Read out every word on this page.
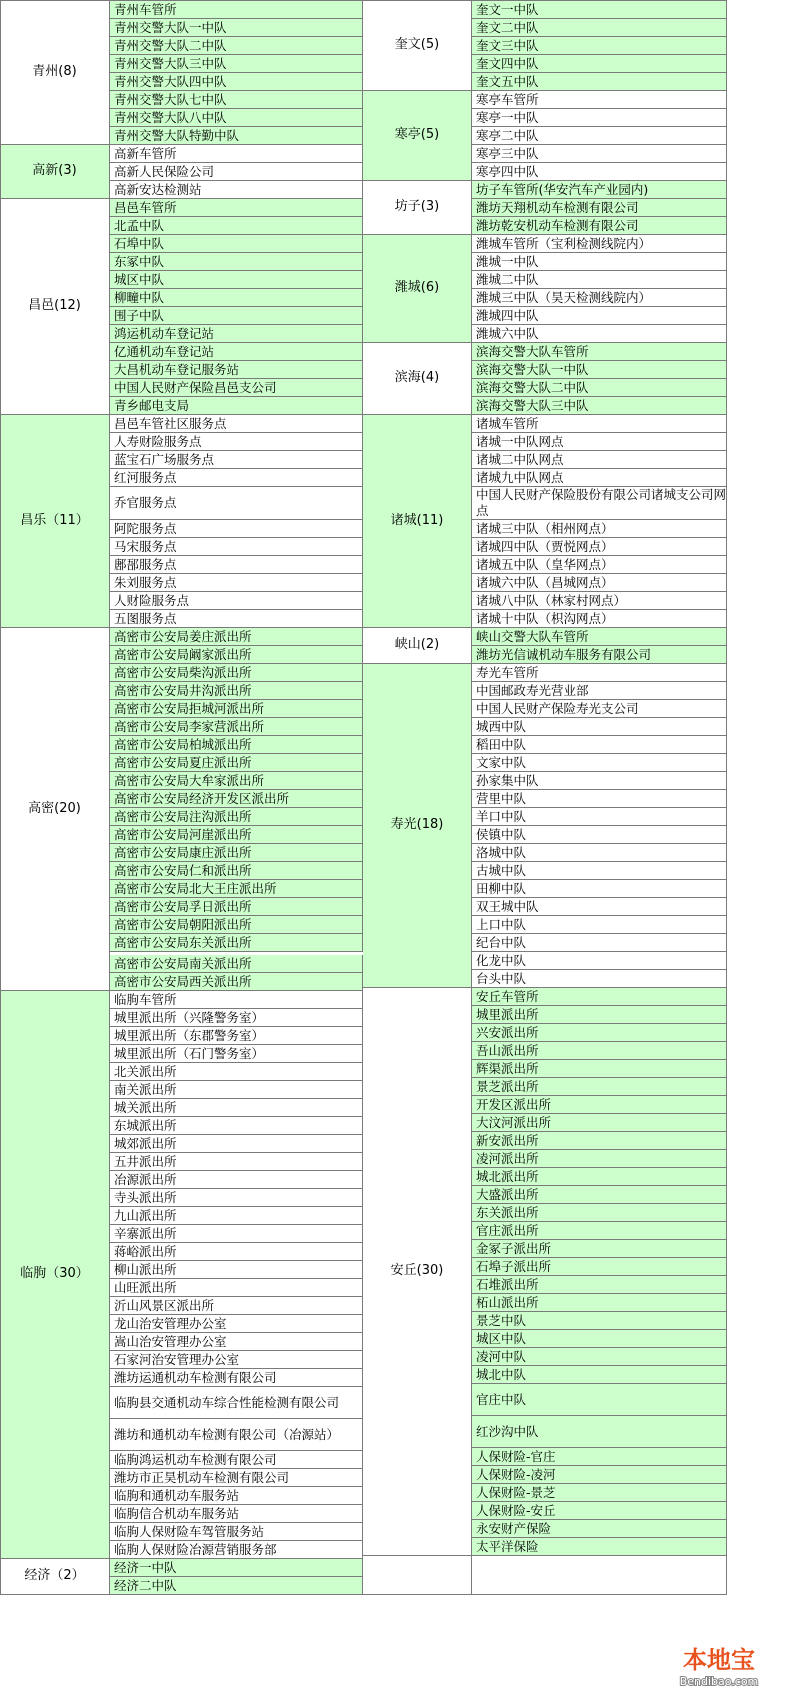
青州车管所
青州交警大队一中队
青州交警大队二中队
青州交警大队三中队
青州交警大队四中队
青州交警大队七中队
青州交警大队八中队
青州交警大队特勤中队
青州(8)
高新车管所
高新人民保险公司
高新安达检测站
高新(3)
昌邑车管所
北孟中队
石埠中队
东冢中队
城区中队
柳疃中队
围子中队
鸿运机动车登记站
亿通机动车登记站
大昌机动车登记服务站
中国人民财产保险昌邑支公司
青乡邮电支局
昌邑(12)
昌邑车管社区服务点
人寿财险服务点
蓝宝石广场服务点
红河服务点
乔官服务点
阿陀服务点
马宋服务点
鄌郚服务点
朱刘服务点
人财险服务点
五图服务点
昌乐（11）
高密市公安局姜庄派出所
高密市公安局阚家派出所
高密市公安局柴沟派出所
高密市公安局井沟派出所
高密市公安局拒城河派出所
高密市公安局李家营派出所
高密市公安局柏城派出所
高密市公安局夏庄派出所
高密市公安局大牟家派出所
高密市公安局经济开发区派出所
高密市公安局注沟派出所
高密市公安局河崖派出所
高密市公安局康庄派出所
高密市公安局仁和派出所
高密市公安局北大王庄派出所
高密市公安局孚日派出所
高密市公安局朝阳派出所
高密市公安局东关派出所
高密市公安局南关派出所
高密市公安局西关派出所
高密(20)
临朐车管所
城里派出所（兴隆警务室）
城里派出所（东郡警务室）
城里派出所（石门警务室）
北关派出所
南关派出所
城关派出所
东城派出所
城郊派出所
五井派出所
冶源派出所
寺头派出所
九山派出所
辛寨派出所
蒋峪派出所
柳山派出所
山旺派出所
沂山风景区派出所
龙山治安管理办公室
嵩山治安管理办公室
石家河治安管理办公室
潍坊运通机动车检测有限公司
临朐县交通机动车综合性能检测有限公司
潍坊和通机动车检测有限公司（冶源站）
临朐鸿运机动车检测有限公司
潍坊市正昊机动车检测有限公司
临朐和通机动车服务站
临朐信合机动车服务站
临朐人保财险车驾管服务站
临朐人保财险冶源营销服务部
临朐（30）
经济一中队
经济二中队
经济（2）
奎文一中队
奎文二中队
奎文三中队
奎文四中队
奎文五中队
奎文(5)
寒亭车管所
寒亭一中队
寒亭二中队
寒亭三中队
寒亭四中队
寒亭(5)
坊子车管所(华安汽车产业园内)
潍坊天翔机动车检测有限公司
潍坊乾安机动车检测有限公司
坊子(3)
潍城车管所（宝利检测线院内）
潍城一中队
潍城二中队
潍城三中队（昊天检测线院内）
潍城四中队
潍城六中队
潍城(6)
滨海交警大队车管所
滨海交警大队一中队
滨海交警大队二中队
滨海交警大队三中队
滨海(4)
诸城车管所
诸城一中队网点
诸城二中队网点
诸城九中队网点
中国人民财产保险股份有限公司诸城支公司网点
诸城三中队（相州网点）
诸城四中队（贾悦网点）
诸城五中队（皇华网点）
诸城六中队（昌城网点）
诸城八中队（林家村网点）
诸城十中队（枳沟网点）
诸城(11)
峡山交警大队车管所
潍坊光信诚机动车服务有限公司
峡山(2)
寿光车管所
中国邮政寿光营业部
中国人民财产保险寿光支公司
城西中队
稻田中队
文家中队
孙家集中队
营里中队
羊口中队
侯镇中队
洛城中队
古城中队
田柳中队
双王城中队
上口中队
纪台中队
化龙中队
台头中队
寿光(18)
安丘车管所
城里派出所
兴安派出所
吾山派出所
辉渠派出所
景芝派出所
开发区派出所
大汶河派出所
新安派出所
凌河派出所
城北派出所
大盛派出所
东关派出所
官庄派出所
金冢子派出所
石埠子派出所
石堆派出所
柘山派出所
景芝中队
城区中队
凌河中队
城北中队
官庄中队
红沙沟中队
人保财险-官庄
人保财险-凌河
人保财险-景芝
人保财险-安丘
永安财产保险
太平洋保险
安丘(30)
本地宝
Bendibao.com
